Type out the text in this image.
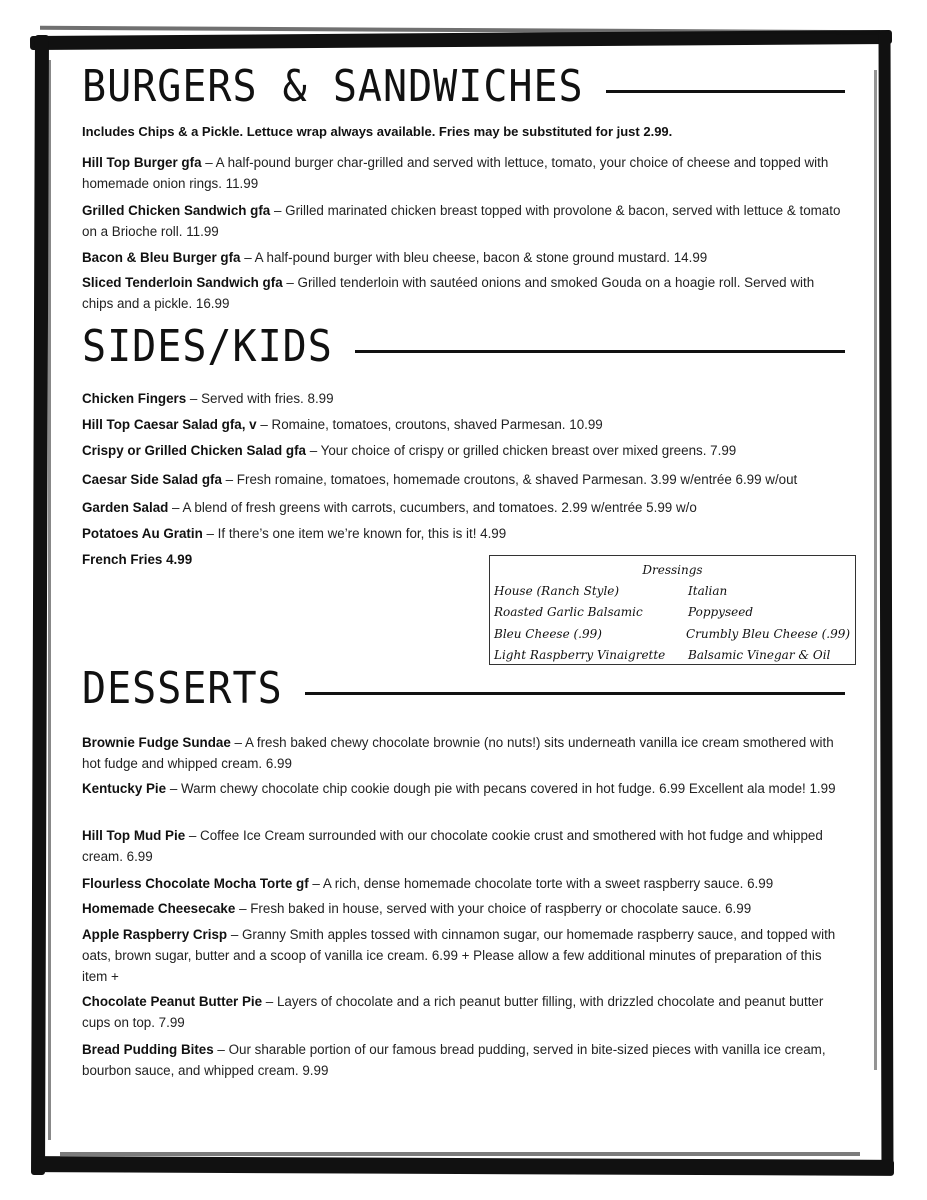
BURGERS & SANDWICHES
Includes Chips & a Pickle. Lettuce wrap always available. Fries may be substituted for just 2.99.
Hill Top Burger gfa – A half-pound burger char-grilled and served with lettuce, tomato, your choice of cheese and topped with homemade onion rings. 11.99
Grilled Chicken Sandwich gfa – Grilled marinated chicken breast topped with provolone & bacon, served with lettuce & tomato on a Brioche roll. 11.99
Bacon & Bleu Burger gfa – A half-pound burger with bleu cheese, bacon & stone ground mustard. 14.99
Sliced Tenderloin Sandwich gfa – Grilled tenderloin with sautéed onions and smoked Gouda on a hoagie roll. Served with chips and a pickle. 16.99
SIDES/KIDS
Chicken Fingers – Served with fries. 8.99
Hill Top Caesar Salad gfa, v – Romaine, tomatoes, croutons, shaved Parmesan. 10.99
Crispy or Grilled Chicken Salad gfa – Your choice of crispy or grilled chicken breast over mixed greens. 7.99
Caesar Side Salad gfa – Fresh romaine, tomatoes, homemade croutons, & shaved Parmesan. 3.99 w/entrée 6.99 w/out
Garden Salad – A blend of fresh greens with carrots, cucumbers, and tomatoes. 2.99 w/entrée 5.99 w/o
Potatoes Au Gratin – If there’s one item we’re known for, this is it! 4.99
French Fries 4.99
Dressings
House (Ranch Style)
Roasted Garlic Balsamic
Bleu Cheese (.99)
Light Raspberry Vinaigrette
Italian
Poppyseed
Crumbly Bleu Cheese (.99)
Balsamic Vinegar & Oil
DESSERTS
Brownie Fudge Sundae – A fresh baked chewy chocolate brownie (no nuts!) sits underneath vanilla ice cream smothered with hot fudge and whipped cream. 6.99
Kentucky Pie – Warm chewy chocolate chip cookie dough pie with pecans covered in hot fudge. 6.99 Excellent ala mode! 1.99
Hill Top Mud Pie – Coffee Ice Cream surrounded with our chocolate cookie crust and smothered with hot fudge and whipped cream. 6.99
Flourless Chocolate Mocha Torte gf – A rich, dense homemade chocolate torte with a sweet raspberry sauce. 6.99
Homemade Cheesecake – Fresh baked in house, served with your choice of raspberry or chocolate sauce. 6.99
Apple Raspberry Crisp – Granny Smith apples tossed with cinnamon sugar, our homemade raspberry sauce, and topped with oats, brown sugar, butter and a scoop of vanilla ice cream. 6.99 + Please allow a few additional minutes of preparation of this item +
Chocolate Peanut Butter Pie – Layers of chocolate and a rich peanut butter filling, with drizzled chocolate and peanut butter cups on top. 7.99
Bread Pudding Bites – Our sharable portion of our famous bread pudding, served in bite-sized pieces with vanilla ice cream, bourbon sauce, and whipped cream. 9.99
